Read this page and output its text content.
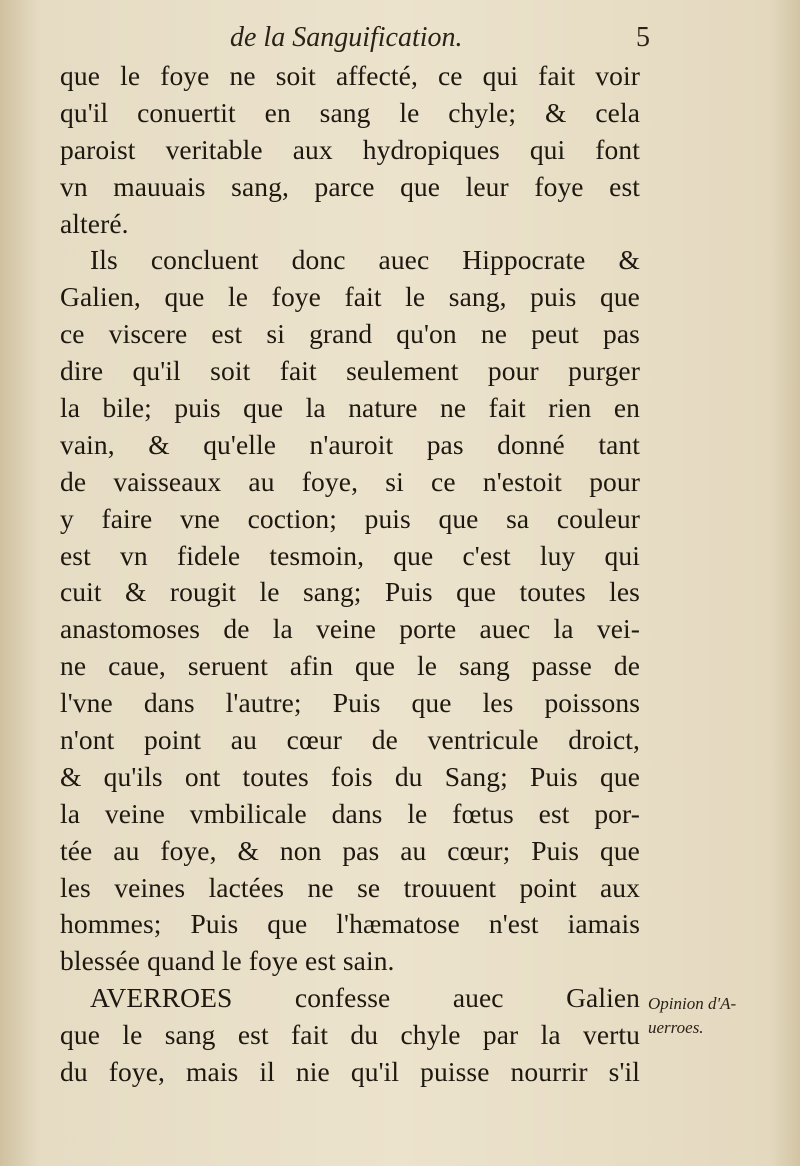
de la Sanguification.	5
que le foye ne soit affecté, ce qui fait voir
qu'il conuertit en sang le chyle; & cela
paroist veritable aux hydropiques qui font
vn mauuais sang, parce que leur foye est
alteré.
Ils concluent donc auec Hippocrate &
Galien, que le foye fait le sang, puis que
ce viscere est si grand qu'on ne peut pas
dire qu'il soit fait seulement pour purger
la bile; puis que la nature ne fait rien en
vain, & qu'elle n'auroit pas donné tant
de vaisseaux au foye, si ce n'estoit pour
y faire vne coction; puis que sa couleur
est vn fidele tesmoin, que c'est luy qui
cuit & rougit le sang; Puis que toutes les
anastomoses de la veine porte auec la vei-
ne caue, seruent afin que le sang passe de
l'vne dans l'autre; Puis que les poissons
n'ont point au cœur de ventricule droict,
& qu'ils ont toutes fois du Sang; Puis que
la veine vmbilicale dans le fœtus est por-
tée au foye, & non pas au cœur; Puis que
les veines lactées ne se trouuent point aux
hommes; Puis que l'hæmatose n'est iamais
blessée quand le foye est sain.
AVERROES confesse auec Galien
que le sang est fait du chyle par la vertu
du foye, mais il nie qu'il puisse nourrir s'il
Opinion d'A-
uerroes.
